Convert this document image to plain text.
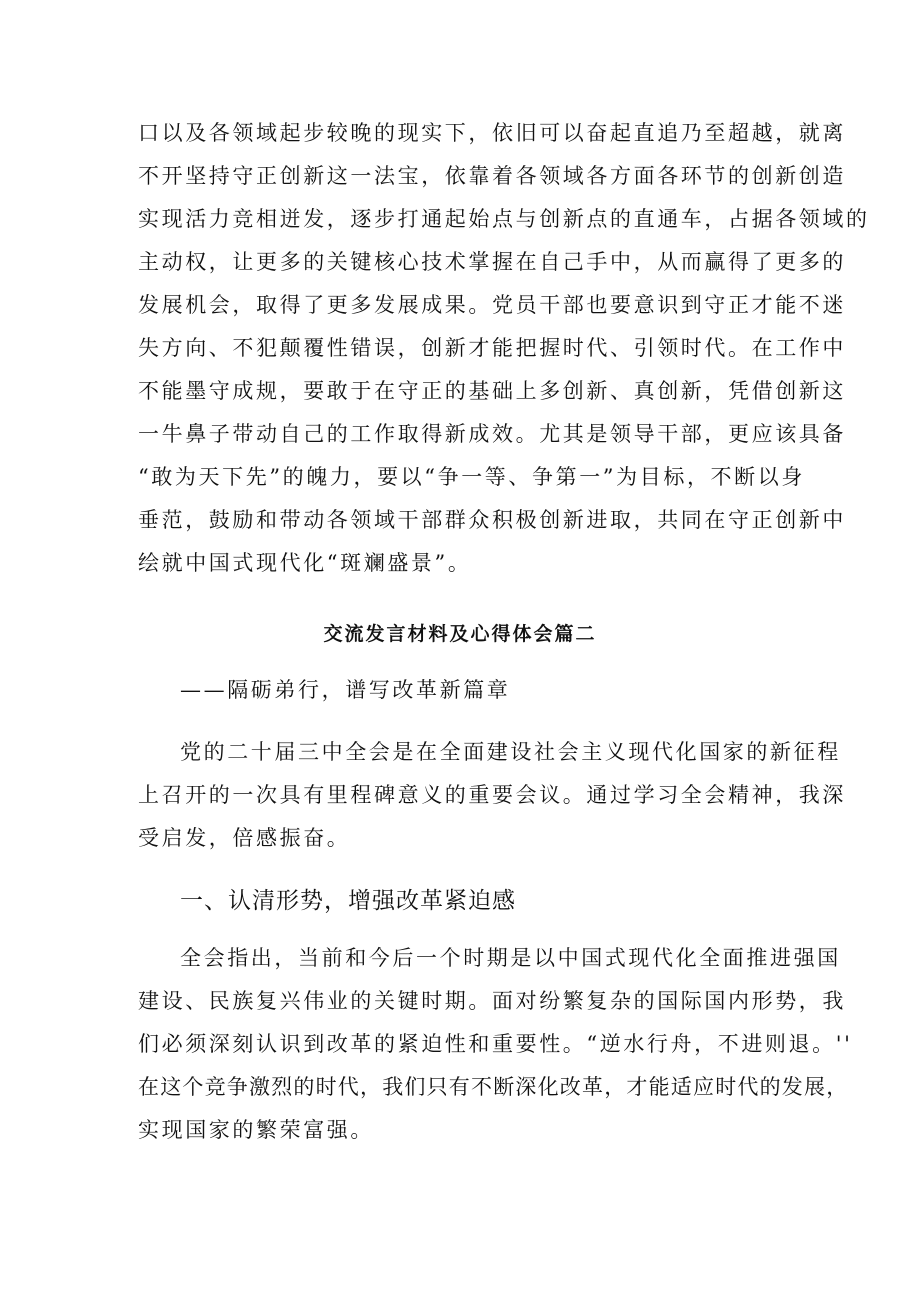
口以及各领域起步较晚的现实下，依旧可以奋起直追乃至超越，就离
不开坚持守正创新这一法宝，依靠着各领域各方面各环节的创新创造
实现活力竞相迸发，逐步打通起始点与创新点的直通车，占据各领域的
主动权，让更多的关键核心技术掌握在自己手中，从而赢得了更多的
发展机会，取得了更多发展成果。党员干部也要意识到守正才能不迷
失方向、不犯颠覆性错误，创新才能把握时代、引领时代。在工作中
不能墨守成规，要敢于在守正的基础上多创新、真创新，凭借创新这
一牛鼻子带动自己的工作取得新成效。尤其是领导干部，更应该具备
“敢为天下先”的魄力，要以“争一等、争第一”为目标，不断以身
垂范，鼓励和带动各领域干部群众积极创新进取，共同在守正创新中
绘就中国式现代化“斑斓盛景”。
交流发言材料及心得体会篇二
——隔砺弟行，谱写改革新篇章
党的二十届三中全会是在全面建设社会主义现代化国家的新征程
上召开的一次具有里程碑意义的重要会议。通过学习全会精神，我深
受启发，倍感振奋。
一、认清形势，增强改革紧迫感
全会指出，当前和今后一个时期是以中国式现代化全面推进强国
建设、民族复兴伟业的关键时期。面对纷繁复杂的国际国内形势，我
们必须深刻认识到改革的紧迫性和重要性。“逆水行舟，不进则退。''
在这个竞争激烈的时代，我们只有不断深化改革，才能适应时代的发展，
实现国家的繁荣富强。
